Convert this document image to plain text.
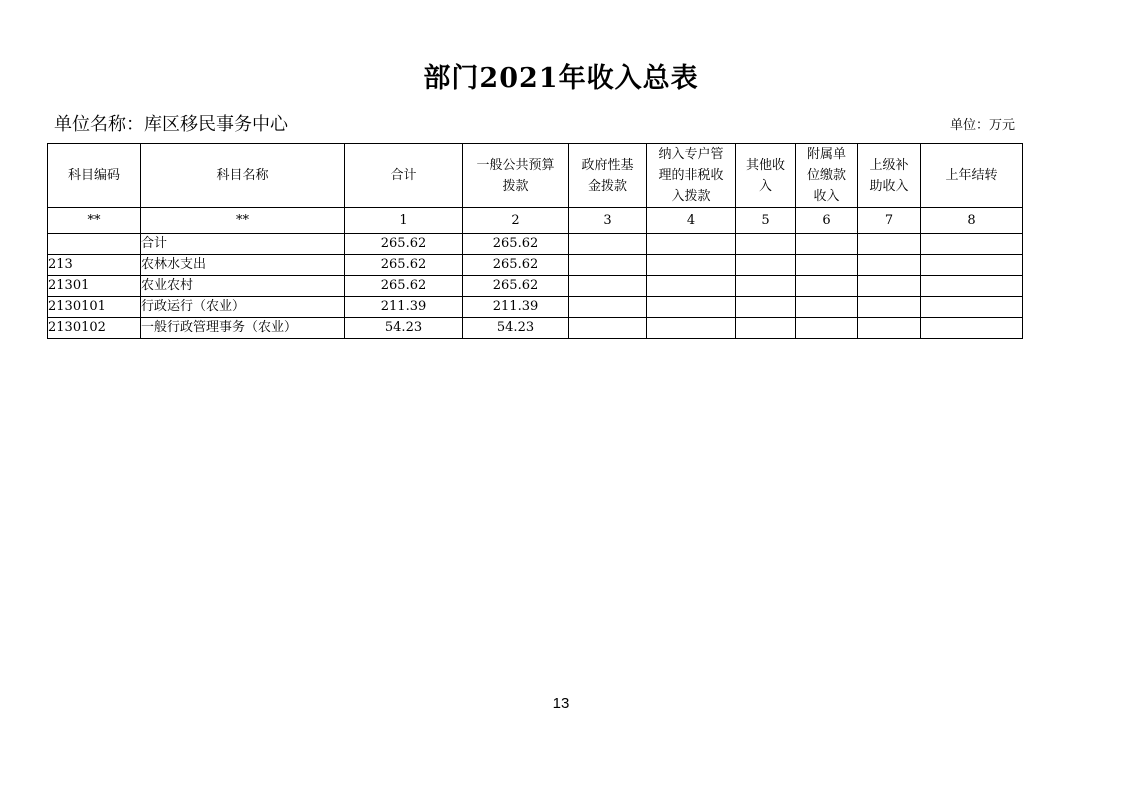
部门2021年收入总表
单位名称：库区移民事务中心	单位：万元
科目编码	科目名称	合计	一般公共预算拨款	政府性基金拨款	纳入专户管理的非税收入拨款	其他收入	附属单位缴款收入	上级补助收入	上年结转
**	**	1	2	3	4	5	6	7	8
	合计	265.62	265.62						
213	农林水支出	265.62	265.62						
21301	农业农村	265.62	265.62						
2130101	行政运行（农业）	211.39	211.39						
2130102	一般行政管理事务（农业）	54.23	54.23						
13
